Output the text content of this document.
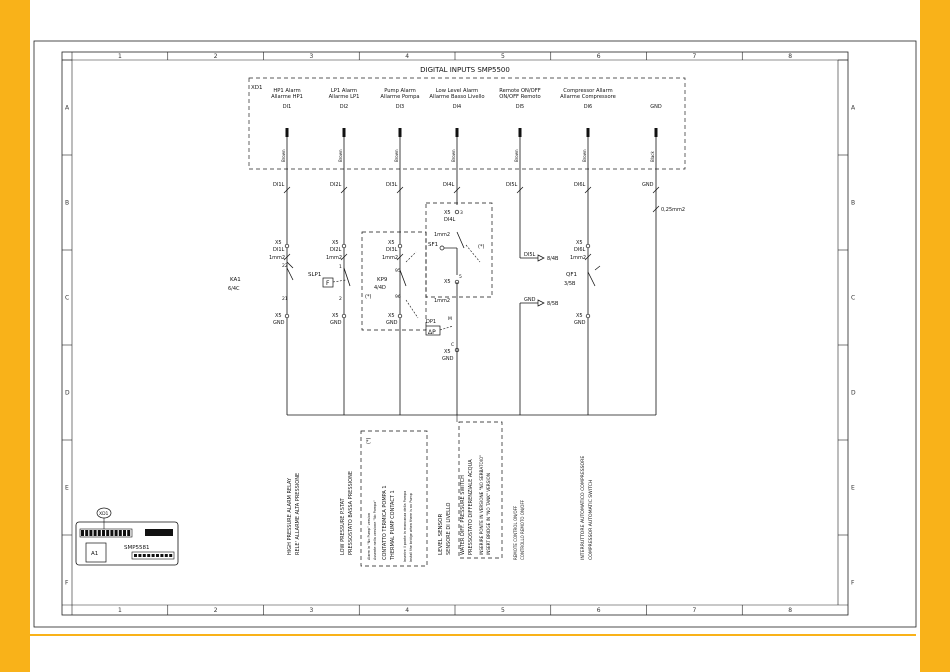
1
1
2
2
3
3
4
4
5
5
6
6
7
7
8
8
A	A
B	B
C	C
D	D
E	E
F	F
DIGITAL INPUTS SMP5500
XD1 HP1 Alarm
Allarme HP1
DI1
Brown
DI1L
X5
DI1L
1mm2
X5
GND
LP1 Alarm
Allarme LP1
DI2
Brown
DI2L
X5
DI2L
1mm2
X5
GND
Pump Alarm
Allarme Pompa
DI3
Brown
DI3L
X5
DI3L
1mm2
X5
GND
Low Level Alarm
Allarme Basso Livello
DI4
Brown
DI4L
Remote ON/OFF
ON/OFF Remoto
DI5
Brown
DI5L
Compressor Allarm
Allarme Compressore
DI6
Brown
DI6L
X5
DI6L
1mm2
X5
GND
GND
Black
GND
0,25mm2
22
21
KA1
6/4C
F
SLP1
1
2
KP9
4/4D
95
96
(*)
SF1	(*)
5
3
X5
DI4L
1mm2
X5
1mm2
ΔP
DP1	M
C
X5
GND
QF1
3/5B
DI5L
8/4B
GND
8/5B
HIGH PRESSURE ALARM RELAY RELE' ALLARME ALTA PRESSIONE	LOW PRESSURE P.STAT PRESSOSTATO BASSA PRESSIONE
(*)
Alarm in "No Pump" version Assente nella versione "No Pompa" CONTATTO TERMICA POMPA 1 THERMAL PUMP CONTACT 1 Inserire il ponte in mancanza della Pompa Install the bridge when there is no Pump	LEVEL SENSOR SENSORE DI LIVELLO WATER DIFF. PRESSURE SWITCH PRESSOSTATO DIFFERENZIALE ACQUA INSERIRE PONTE IN VERSIONE "NO SERBATOIO" INSERT BRIDGE IN "NO TANK" VERSION	REMOTE CONTROL ON/OFF CONTROLLO REMOTO ON/OFF	INTERRUTTORE AUTOMATICO COMPRESSORE COMPRESSOR AUTOMATIC SWITCH
A1
SMP5581
XD1
